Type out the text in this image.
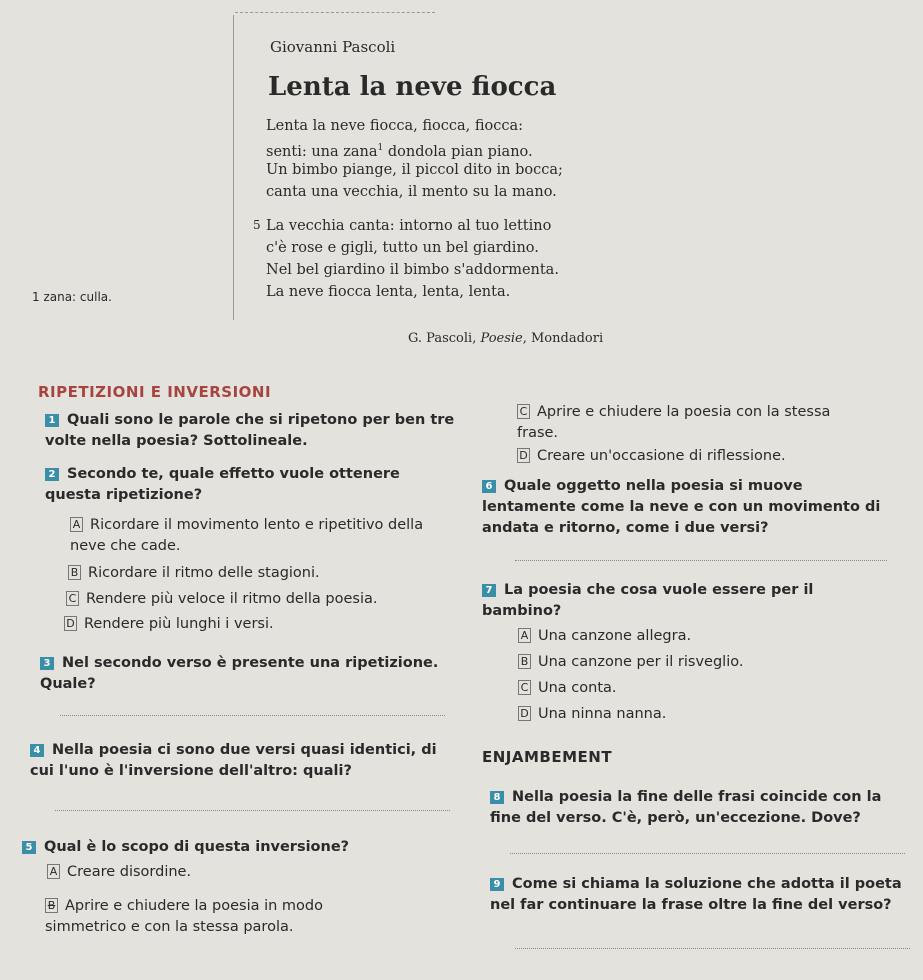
Giovanni Pascoli
Lenta la neve fiocca
Lenta la neve fiocca, fiocca, fiocca:
senti: una zana$^1$ dondola pian piano.
Un bimbo piange, il piccol dito in bocca;
canta una vecchia, il mento su la mano.
5 La vecchia canta: intorno al tuo lettino
c'è rose e gigli, tutto un bel giardino.
Nel bel giardino il bimbo s'addormenta.
La neve fiocca lenta, lenta, lenta.
1 zana: culla.
G. Pascoli, Poesie, Mondadori
RIPETIZIONI E INVERSIONI
1 Quali sono le parole che si ripetono per ben tre volte nella poesia? Sottolineale.
2 Secondo te, quale effetto vuole ottenere questa ripetizione?
A Ricordare il movimento lento e ripetitivo della neve che cade.
B Ricordare il ritmo delle stagioni.
C Rendere più veloce il ritmo della poesia.
D Rendere più lunghi i versi.
3 Nel secondo verso è presente una ripetizione. Quale?
4 Nella poesia ci sono due versi quasi identici, di cui l'uno è l'inversione dell'altro: quali?
5 Qual è lo scopo di questa inversione?
A Creare disordine.
B Aprire e chiudere la poesia in modo simmetrico e con la stessa parola.
C Aprire e chiudere la poesia con la stessa frase.
D Creare un'occasione di riflessione.
6 Quale oggetto nella poesia si muove lentamente come la neve e con un movimento di andata e ritorno, come i due versi?
7 La poesia che cosa vuole essere per il bambino?
A Una canzone allegra.
B Una canzone per il risveglio.
C Una conta.
D Una ninna nanna.
ENJAMBEMENT
8 Nella poesia la fine delle frasi coincide con la fine del verso. C'è, però, un'eccezione. Dove?
9 Come si chiama la soluzione che adotta il poeta nel far continuare la frase oltre la fine del verso?
